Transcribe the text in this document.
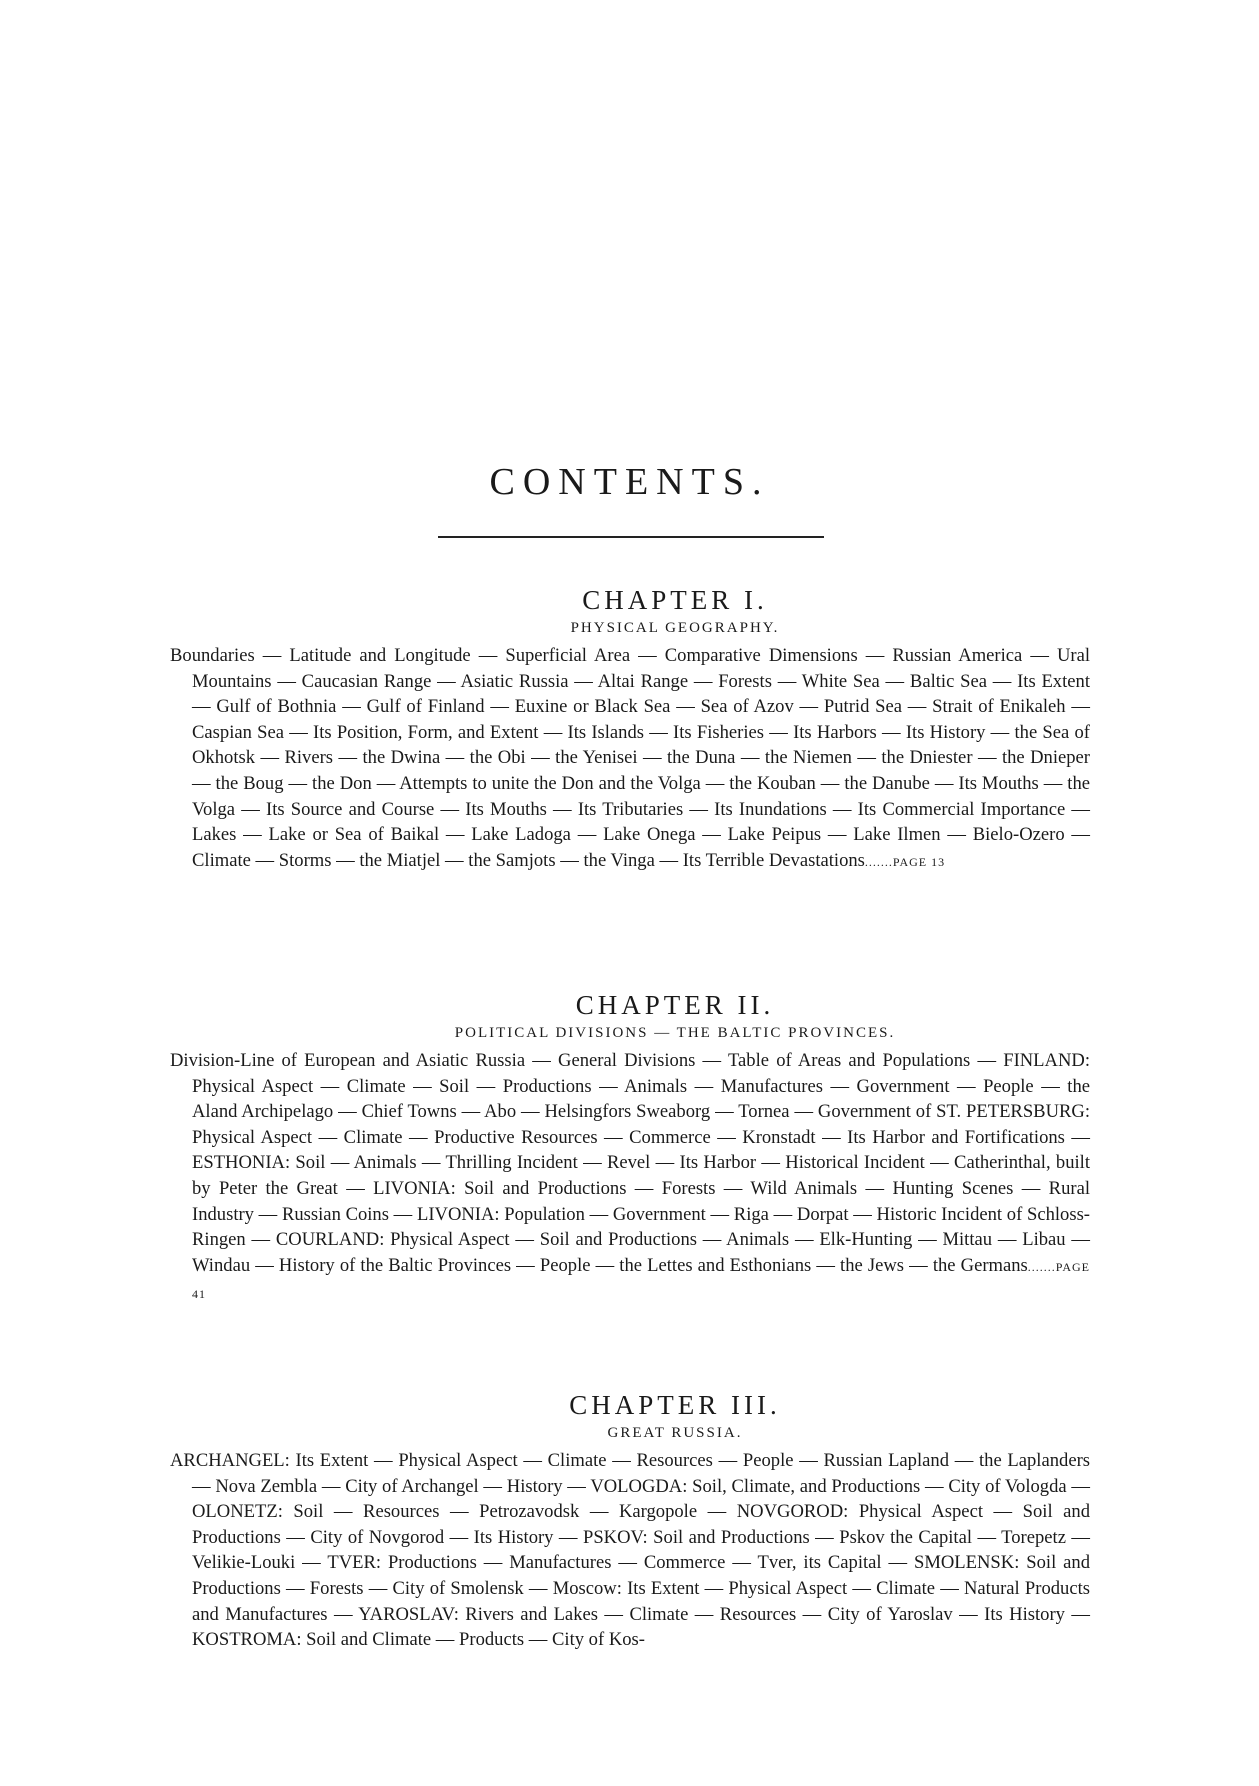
CONTENTS.
CHAPTER I.
PHYSICAL GEOGRAPHY.

Boundaries — Latitude and Longitude — Superficial Area — Comparative Dimensions — Russian America — Ural Mountains — Caucasian Range — Asiatic Russia — Altai Range — Forests — White Sea — Baltic Sea — Its Extent — Gulf of Bothnia — Gulf of Finland — Euxine or Black Sea — Sea of Azov — Putrid Sea — Strait of Enikaleh — Caspian Sea — Its Position, Form, and Extent — Its Islands — Its Fisheries — Its Harbors — Its History — the Sea of Okhotsk — Rivers — the Dwina — the Obi — the Yenisei — the Duna — the Niemen — the Dniester — the Dnieper — the Boug — the Don — Attempts to unite the Don and the Volga — the Kouban — the Danube — Its Mouths — the Volga — Its Source and Course — Its Mouths — Its Tributaries — Its Inundations — Its Commercial Importance — Lakes — Lake or Sea of Baikal — Lake Ladoga — Lake Onega — Lake Peipus — Lake Ilmen — Bielo-Ozero — Climate — Storms — the Miatjel — the Samjots — the Vinga — Its Terrible Devastations.......PAGE 13

CHAPTER II.
POLITICAL DIVISIONS — THE BALTIC PROVINCES.

Division-Line of European and Asiatic Russia — General Divisions — Table of Areas and Populations — FINLAND: Physical Aspect — Climate — Soil — Productions — Animals — Manufactures — Government — People — the Aland Archipelago — Chief Towns — Abo — Helsingfors Sweaborg — Tornea — Government of ST. PETERSBURG: Physical Aspect — Climate — Productive Resources — Commerce — Kronstadt — Its Harbor and Fortifications — ESTHONIA: Soil — Animals — Thrilling Incident — Revel — Its Harbor — Historical Incident — Catherinthal, built by Peter the Great — LIVONIA: Soil and Productions — Forests — Wild Animals — Hunting Scenes — Rural Industry — Russian Coins — LIVONIA: Population — Government — Riga — Dorpat — Historic Incident of Schloss-Ringen — COURLAND: Physical Aspect — Soil and Productions — Animals — Elk-Hunting — Mittau — Libau — Windau — History of the Baltic Provinces — People — the Lettes and Esthonians — the Jews — the Germans.......PAGE 41

CHAPTER III.
GREAT RUSSIA.

ARCHANGEL: Its Extent — Physical Aspect — Climate — Resources — People — Russian Lapland — the Laplanders — Nova Zembla — City of Archangel — History — VOLOGDA: Soil, Climate, and Productions — City of Vologda — OLONETZ: Soil — Resources — Petrozavodsk — Kargopole — NOVGOROD: Physical Aspect — Soil and Productions — City of Novgorod — Its History — PSKOV: Soil and Productions — Pskov the Capital — Torepetz — Velikie-Louki — TVER: Productions — Manufactures — Commerce — Tver, its Capital — SMOLENSK: Soil and Productions — Forests — City of Smolensk — Moscow: Its Extent — Physical Aspect — Climate — Natural Products and Manufactures — YAROSLAV: Rivers and Lakes — Climate — Resources — City of Yaroslav — Its History — KOSTROMA: Soil and Climate — Products — City of Kos-
